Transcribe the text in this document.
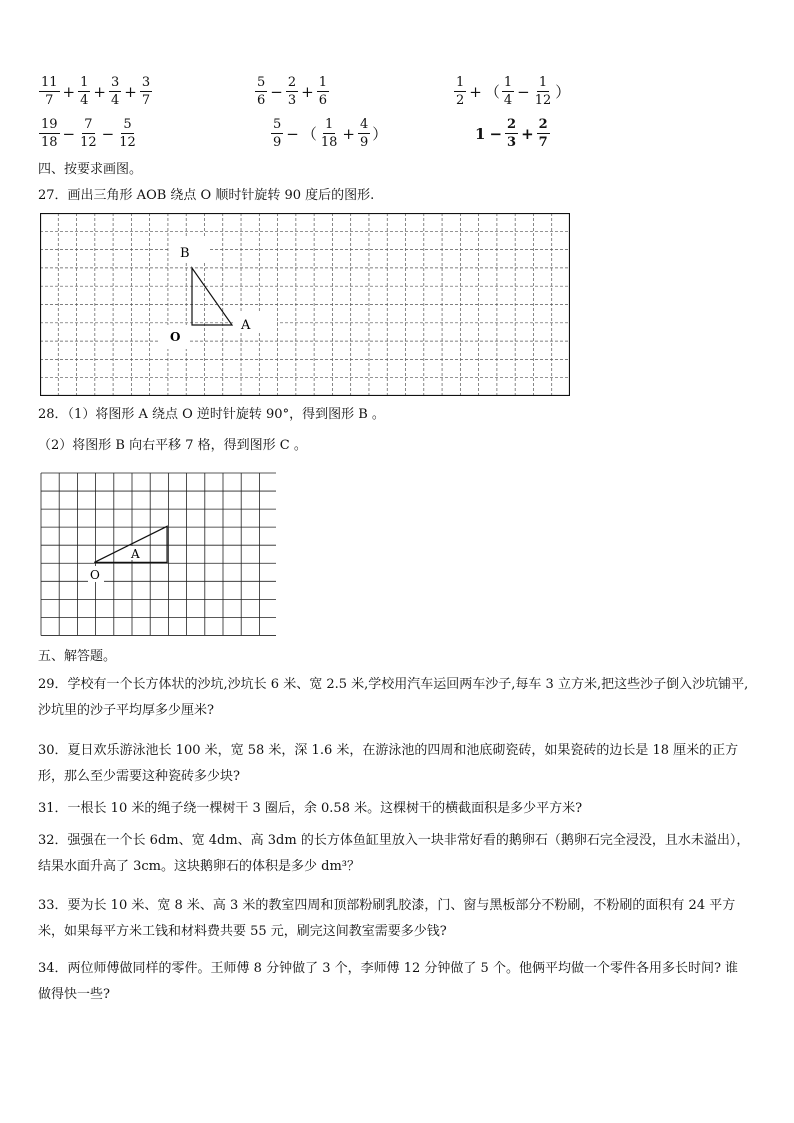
$\frac{11}{7} + \frac{1}{4} + \frac{3}{4} + \frac{3}{7}$	$\frac{5}{6} - \frac{2}{3} + \frac{1}{6}$	$\frac{1}{2}$ + （ $\frac{1}{4} - \frac{1}{12}$ ）
$\frac{19}{18} - \frac{7}{12} - \frac{5}{12}$	$\frac{5}{9}$ − （ $\frac{1}{18} + \frac{4}{9}$ ）	$1 - \frac{2}{3} + \frac{2}{7}$
四、按要求画图。
27．画出三角形 AOB 绕点 O 顺时针旋转 90 度后的图形.
B
A
O
28．（1）将图形 A 绕点 O 逆时针旋转 90°，得到图形 B 。
（2）将图形 B 向右平移 7 格，得到图形 C 。
A
O
五、解答题。
29．学校有一个长方体状的沙坑,沙坑长 6 米、宽 2.5 米,学校用汽车运回两车沙子,每车 3 立方米,把这些沙子倒入沙坑铺平,沙坑里的沙子平均厚多少厘米?
30．夏日欢乐游泳池长 100 米，宽 58 米，深 1.6 米，在游泳池的四周和池底砌瓷砖，如果瓷砖的边长是 18 厘米的正方形，那么至少需要这种瓷砖多少块?
31．一根长 10 米的绳子绕一棵树干 3 圈后，余 0.58 米。这棵树干的横截面积是多少平方米?
32．强强在一个长 6dm、宽 4dm、高 3dm 的长方体鱼缸里放入一块非常好看的鹅卵石（鹅卵石完全浸没，且水未溢出），结果水面升高了 3cm。这块鹅卵石的体积是多少 dm³？
33．要为长 10 米、宽 8 米、高 3 米的教室四周和顶部粉刷乳胶漆，门、窗与黑板部分不粉刷，不粉刷的面积有 24 平方米，如果每平方米工钱和材料费共要 55 元，刷完这间教室需要多少钱?
34．两位师傅做同样的零件。王师傅 8 分钟做了 3 个，李师傅 12 分钟做了 5 个。他俩平均做一个零件各用多长时间? 谁做得快一些?
